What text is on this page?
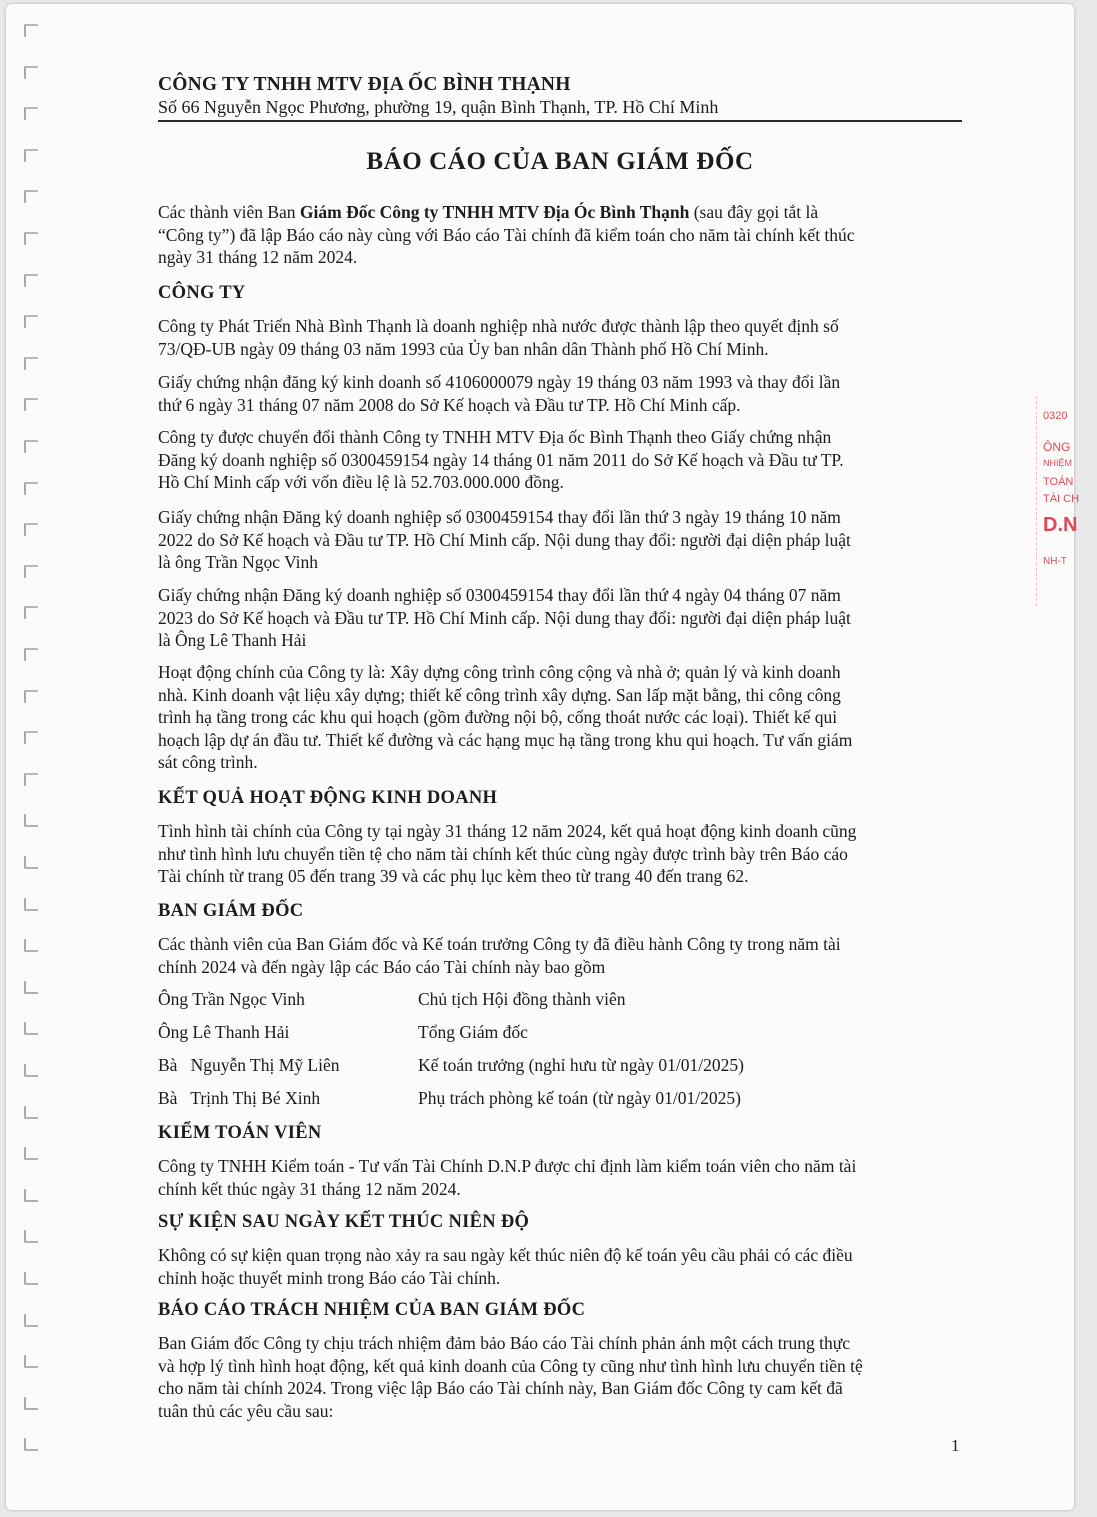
0320
ÔNG
NHIỆM
TOÁN
TÀI CH
D.N
NH-T
CÔNG TY TNHH MTV ĐỊA ỐC BÌNH THẠNH
Số 66 Nguyễn Ngọc Phương, phường 19, quận Bình Thạnh, TP. Hồ Chí Minh
BÁO CÁO CỦA BAN GIÁM ĐỐC
Các thành viên Ban Giám Đốc Công ty TNHH MTV Địa Óc Bình Thạnh (sau đây gọi tắt là
“Công ty”) đã lập Báo cáo này cùng với Báo cáo Tài chính đã kiểm toán cho năm tài chính kết thúc
ngày 31 tháng 12 năm 2024.
CÔNG TY
Công ty Phát Triển Nhà Bình Thạnh là doanh nghiệp nhà nước được thành lập theo quyết định số
73/QĐ-UB ngày 09 tháng 03 năm 1993 của Ủy ban nhân dân Thành phố Hồ Chí Minh.
Giấy chứng nhận đăng ký kinh doanh số 4106000079 ngày 19 tháng 03 năm 1993 và thay đổi lần
thứ 6 ngày 31 tháng 07 năm 2008 do Sở Kế hoạch và Đầu tư TP. Hồ Chí Minh cấp.
Công ty được chuyển đổi thành Công ty TNHH MTV Địa ốc Bình Thạnh theo Giấy chứng nhận
Đăng ký doanh nghiệp số 0300459154 ngày 14 tháng 01 năm 2011 do Sở Kế hoạch và Đầu tư TP.
Hồ Chí Minh cấp với vốn điều lệ là 52.703.000.000 đồng.
Giấy chứng nhận Đăng ký doanh nghiệp số 0300459154 thay đổi lần thứ 3 ngày 19 tháng 10 năm
2022 do Sở Kế hoạch và Đầu tư TP. Hồ Chí Minh cấp. Nội dung thay đổi: người đại diện pháp luật
là ông Trần Ngọc Vinh
Giấy chứng nhận Đăng ký doanh nghiệp số 0300459154 thay đổi lần thứ 4 ngày 04 tháng 07 năm
2023 do Sở Kế hoạch và Đầu tư TP. Hồ Chí Minh cấp. Nội dung thay đổi: người đại diện pháp luật
là Ông Lê Thanh Hải
Hoạt động chính của Công ty là: Xây dựng công trình công cộng và nhà ở; quản lý và kinh doanh
nhà. Kinh doanh vật liệu xây dựng; thiết kế công trình xây dựng. San lấp mặt bằng, thi công công
trình hạ tầng trong các khu qui hoạch (gồm đường nội bộ, cống thoát nước các loại). Thiết kế qui
hoạch lập dự án đầu tư. Thiết kế đường và các hạng mục hạ tầng trong khu qui hoạch. Tư vấn giám
sát công trình.
KẾT QUẢ HOẠT ĐỘNG KINH DOANH
Tình hình tài chính của Công ty tại ngày 31 tháng 12 năm 2024, kết quả hoạt động kinh doanh cũng
như tình hình lưu chuyển tiền tệ cho năm tài chính kết thúc cùng ngày được trình bày trên Báo cáo
Tài chính từ trang 05 đến trang 39 và các phụ lục kèm theo từ trang 40 đến trang 62.
BAN GIÁM ĐỐC
Các thành viên của Ban Giám đốc và Kế toán trưởng Công ty đã điều hành Công ty trong năm tài
chính 2024 và đến ngày lập các Báo cáo Tài chính này bao gồm
Ông Trần Ngọc Vinh	Chủ tịch Hội đồng thành viên
Ông Lê Thanh Hải	Tổng Giám đốc
Bà   Nguyễn Thị Mỹ Liên	Kế toán trưởng (nghỉ hưu từ ngày 01/01/2025)
Bà   Trịnh Thị Bé Xinh	Phụ trách phòng kế toán (từ ngày 01/01/2025)
KIỂM TOÁN VIÊN
Công ty TNHH Kiểm toán - Tư vấn Tài Chính D.N.P được chỉ định làm kiểm toán viên cho năm tài
chính kết thúc ngày 31 tháng 12 năm 2024.
SỰ KIỆN SAU NGÀY KẾT THÚC NIÊN ĐỘ
Không có sự kiện quan trọng nào xảy ra sau ngày kết thúc niên độ kế toán yêu cầu phải có các điều
chỉnh hoặc thuyết minh trong Báo cáo Tài chính.
BÁO CÁO TRÁCH NHIỆM CỦA BAN GIÁM ĐỐC
Ban Giám đốc Công ty chịu trách nhiệm đảm bảo Báo cáo Tài chính phản ánh một cách trung thực
và hợp lý tình hình hoạt động, kết quả kinh doanh của Công ty cũng như tình hình lưu chuyển tiền tệ
cho năm tài chính 2024. Trong việc lập Báo cáo Tài chính này, Ban Giám đốc Công ty cam kết đã
tuân thủ các yêu cầu sau:
1
